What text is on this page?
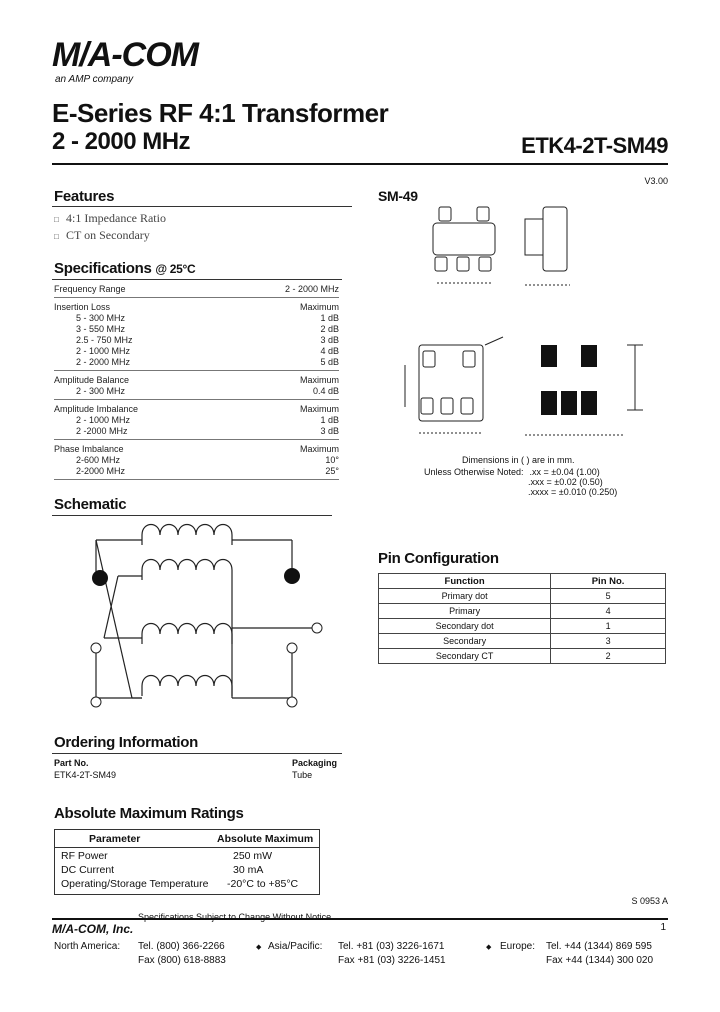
M/A-COM
an AMP company
E-Series RF 4:1 Transformer
2 - 2000 MHz	ETK4-2T-SM49
V3.00
Features
□ 4:1 Impedance Ratio
□ CT on Secondary
Specifications @ 25°C
Frequency Range	2 - 2000 MHz
Insertion Loss	Maximum
5 - 300 MHz	1 dB
3 - 550 MHz	2 dB
2.5 - 750 MHz	3 dB
2 - 1000 MHz	4 dB
2 - 2000 MHz	5 dB
Amplitude Balance	Maximum
2 - 300 MHz	0.4 dB
Amplitude Imbalance	Maximum
2 - 1000 MHz	1 dB
2 -2000 MHz	3 dB
Phase Imbalance	Maximum
2-600 MHz	10°
2-2000 MHz	25°
SM-49
Dimensions in ( ) are in mm.
Unless Otherwise Noted: .xx = ±0.04 (1.00)
.xxx = ±0.02 (0.50)
.xxxx = ±0.010 (0.250)
Schematic
Pin Configuration
Function	Pin No.
Primary dot	5
Primary	4
Secondary dot	1
Secondary	3
Secondary CT	2
Ordering Information
Part No.	Packaging
ETK4-2T-SM49	Tube
Absolute Maximum Ratings
Parameter	Absolute Maximum
RF Power	250 mW
DC Current	30 mA
Operating/Storage Temperature -20°C to +85°C
S 0953 A
M/A-COM, Inc.
Specifications Subject to Change Without Notice.
1
North America: Tel. (800) 366-2266
Fax (800) 618-8883
◆ Asia/Pacific: Tel. +81 (03) 3226-1671
Fax +81 (03) 3226-1451
◆ Europe: Tel. +44 (1344) 869 595
Fax +44 (1344) 300 020
